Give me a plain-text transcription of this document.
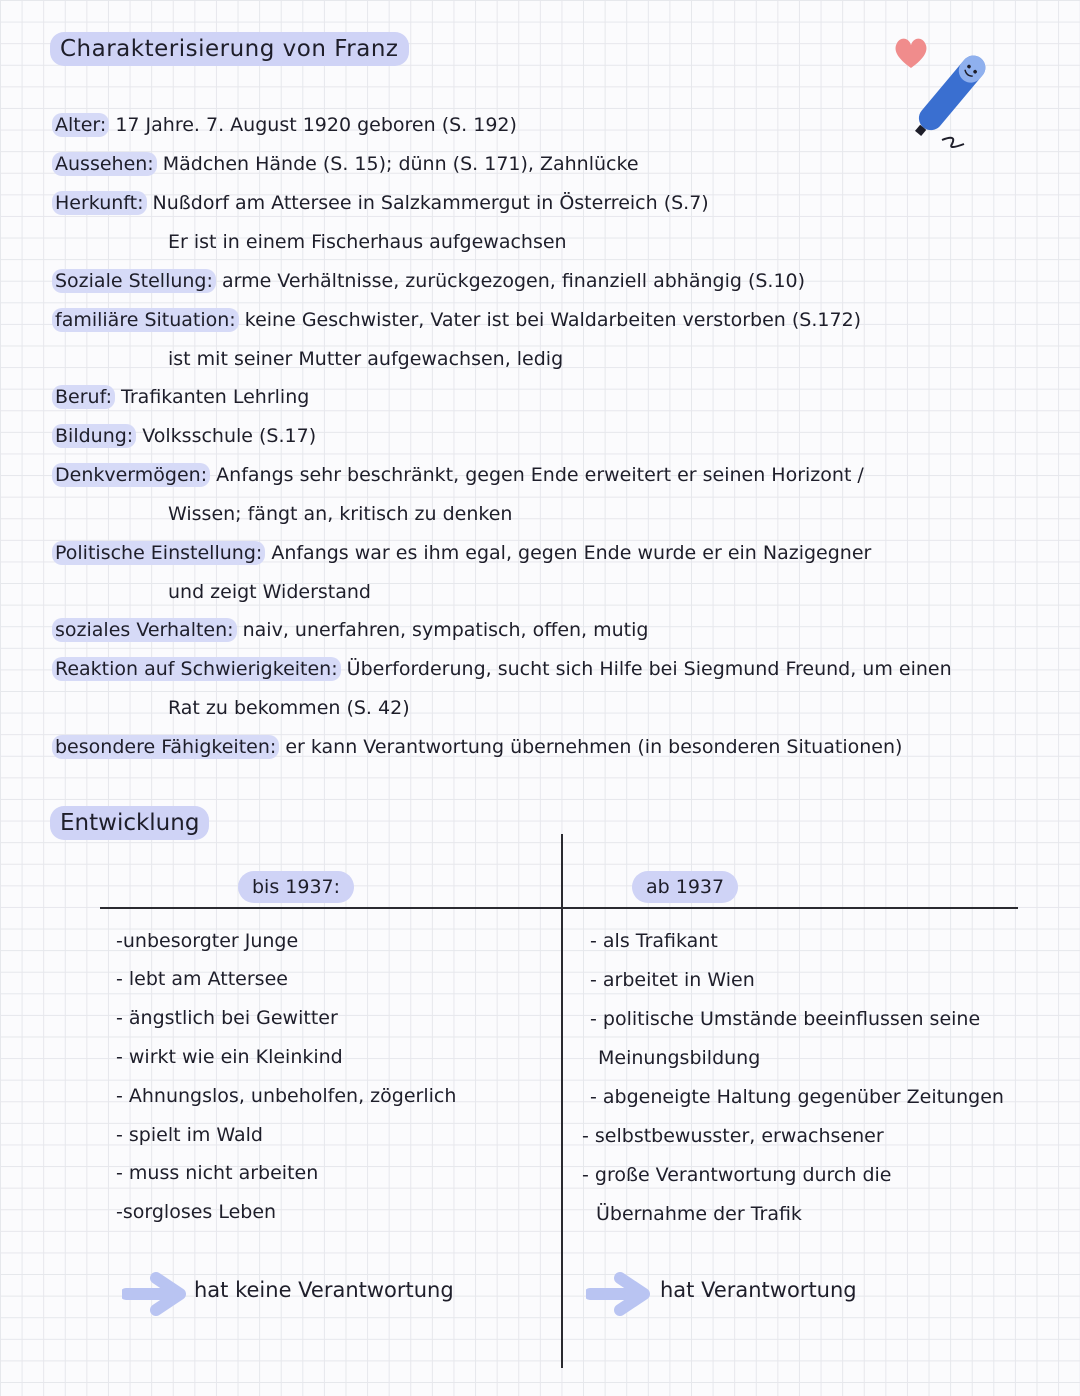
Charakterisierung von Franz
Alter: 17 Jahre. 7. August 1920 geboren (S. 192)
Aussehen: Mädchen Hände (S. 15); dünn (S. 171), Zahnlücke
Herkunft: Nußdorf am Attersee in Salzkammergut in Österreich (S.7)
Er ist in einem Fischerhaus aufgewachsen
Soziale Stellung: arme Verhältnisse, zurückgezogen, finanziell abhängig (S.10)
familiäre Situation: keine Geschwister, Vater ist bei Waldarbeiten verstorben (S.172)
ist mit seiner Mutter aufgewachsen, ledig
Beruf: Trafikanten Lehrling
Bildung: Volksschule (S.17)
Denkvermögen: Anfangs sehr beschränkt, gegen Ende erweitert er seinen Horizont /
Wissen; fängt an, kritisch zu denken
Politische Einstellung: Anfangs war es ihm egal, gegen Ende wurde er ein Nazigegner
und zeigt Widerstand
soziales Verhalten: naiv, unerfahren, sympatisch, offen, mutig
Reaktion auf Schwierigkeiten: Überforderung, sucht sich Hilfe bei Siegmund Freund, um einen
Rat zu bekommen (S. 42)
besondere Fähigkeiten: er kann Verantwortung übernehmen (in besonderen Situationen)
Entwicklung
bis 1937:	ab 1937
-unbesorgter Junge
- lebt am Attersee
- ängstlich bei Gewitter
- wirkt wie ein Kleinkind
- Ahnungslos, unbeholfen, zögerlich
- spielt im Wald
- muss nicht arbeiten
-sorgloses Leben
- als Trafikant
- arbeitet in Wien
- politische Umstände beeinflussen seine
Meinungsbildung
- abgeneigte Haltung gegenüber Zeitungen
- selbstbewusster, erwachsener
- große Verantwortung durch die
Übernahme der Trafik
hat keine Verantwortung	hat Verantwortung
